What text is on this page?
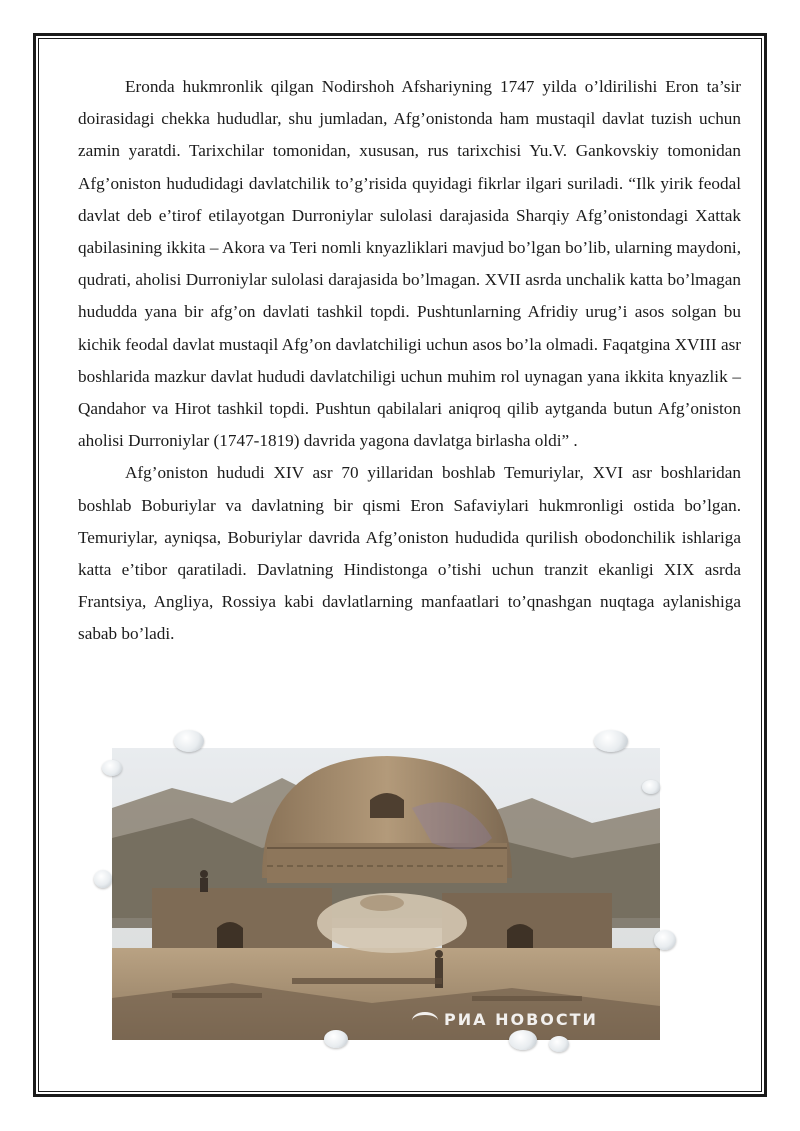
Eronda hukmronlik qilgan Nodirshoh Afshariyning 1747 yilda o’ldirilishi Eron ta’sir doirasidagi chekka hududlar, shu jumladan, Afg’onistonda ham mustaqil davlat tuzish uchun zamin yaratdi. Tarixchilar tomonidan, xususan, rus tarixchisi Yu.V. Gankovskiy tomonidan Afg’oniston hududidagi davlatchilik to’g’risida quyidagi fikrlar ilgari suriladi. “Ilk yirik feodal davlat deb e’tirof etilayotgan Durroniylar sulolasi darajasida Sharqiy Afg’onistondagi Xattak qabilasining ikkita – Akora va Teri nomli knyazliklari mavjud bo’lgan bo’lib, ularning maydoni, qudrati, aholisi Durroniylar sulolasi darajasida bo’lmagan. XVII asrda unchalik katta bo’lmagan hududda yana bir afg’on davlati tashkil topdi. Pushtunlarning Afridiy urug’i asos solgan bu kichik feodal davlat mustaqil Afg’on davlatchiligi uchun asos bo’la olmadi. Faqatgina XVIII asr boshlarida mazkur davlat hududi davlatchiligi uchun muhim rol uynagan yana ikkita knyazlik – Qandahor va Hirot tashkil topdi. Pushtun qabilalari aniqroq qilib aytganda butun Afg’oniston aholisi Durroniylar (1747-1819) davrida yagona davlatga birlasha oldi” .

Afg’oniston hududi XIV asr 70 yillaridan boshlab Temuriylar, XVI asr boshlaridan boshlab Boburiylar va davlatning bir qismi Eron Safaviylari hukmronligi ostida bo’lgan. Temuriylar, ayniqsa, Boburiylar davrida Afg’oniston hududida qurilish obodonchilik ishlariga katta e’tibor qaratiladi. Davlatning Hindistonga o’tishi uchun tranzit ekanligi XIX asrda Frantsiya, Angliya, Rossiya kabi davlatlarning manfaatlari to’qnashgan nuqtaga aylanishiga sabab bo’ladi.

РИА НОВОСТИ
